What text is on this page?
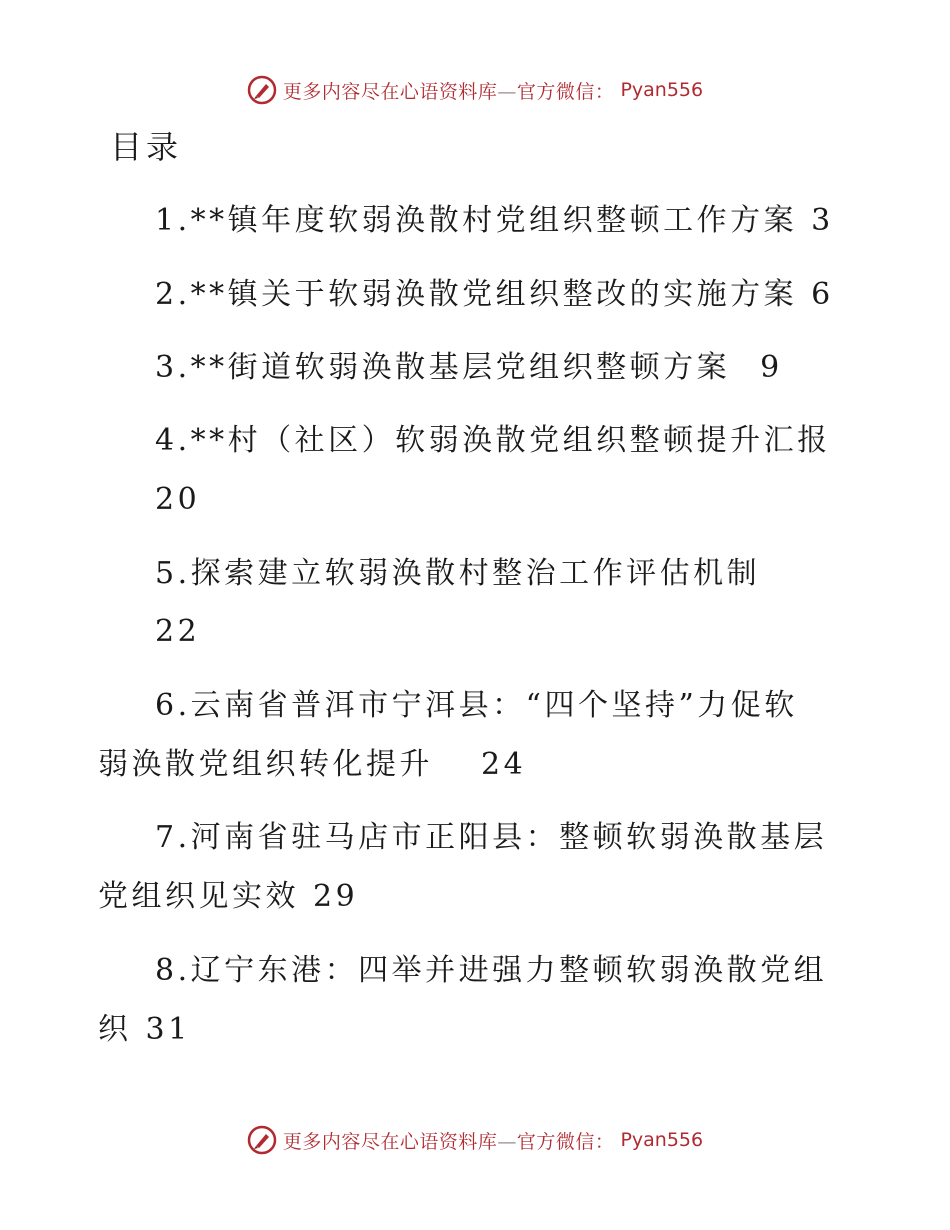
更多内容尽在心语资料库—官方微信： Pyan556
目录
1.**镇年度软弱涣散村党组织整顿工作方案 3
2.**镇关于软弱涣散党组织整改的实施方案 6
3.**街道软弱涣散基层党组织整顿方案 9
4.**村（社区）软弱涣散党组织整顿提升汇报
20
5.探索建立软弱涣散村整治工作评估机制
22
6.云南省普洱市宁洱县：“四个坚持”力促软
弱涣散党组织转化提升 24
7.河南省驻马店市正阳县：整顿软弱涣散基层
党组织见实效 29
8.辽宁东港：四举并进强力整顿软弱涣散党组
织 31
更多内容尽在心语资料库—官方微信： Pyan556
